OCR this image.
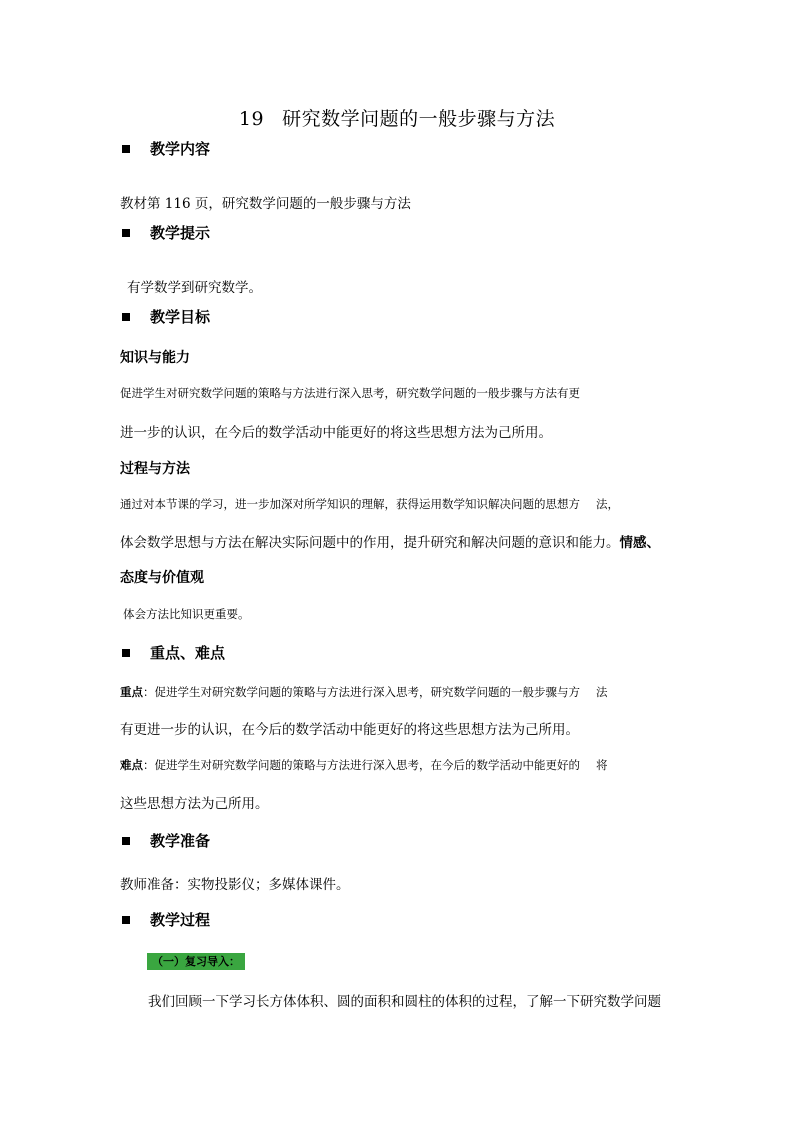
19 研究数学问题的一般步骤与方法
教学内容
教材第 116 页，研究数学问题的一般步骤与方法
教学提示
有学数学到研究数学。
教学目标
知识与能力
促进学生对研究数学问题的策略与方法进行深入思考，研究数学问题的一般步骤与方法有更
进一步的认识，在今后的数学活动中能更好的将这些思想方法为己所用。
过程与方法
通过对本节课的学习，进一步加深对所学知识的理解，获得运用数学知识解决问题的思想方 法，
体会数学思想与方法在解决实际问题中的作用，提升研究和解决问题的意识和能力。情感、
态度与价值观
体会方法比知识更重要。
重点、难点
重点：促进学生对研究数学问题的策略与方法进行深入思考，研究数学问题的一般步骤与方 法
有更进一步的认识，在今后的数学活动中能更好的将这些思想方法为己所用。
难点：促进学生对研究数学问题的策略与方法进行深入思考，在今后的数学活动中能更好的 将
这些思想方法为己所用。
教学准备
教师准备：实物投影仪；多媒体课件。
教学过程
（一）复习导入：
我们回顾一下学习长方体体积、圆的面积和圆柱的体积的过程，了解一下研究数学问题
